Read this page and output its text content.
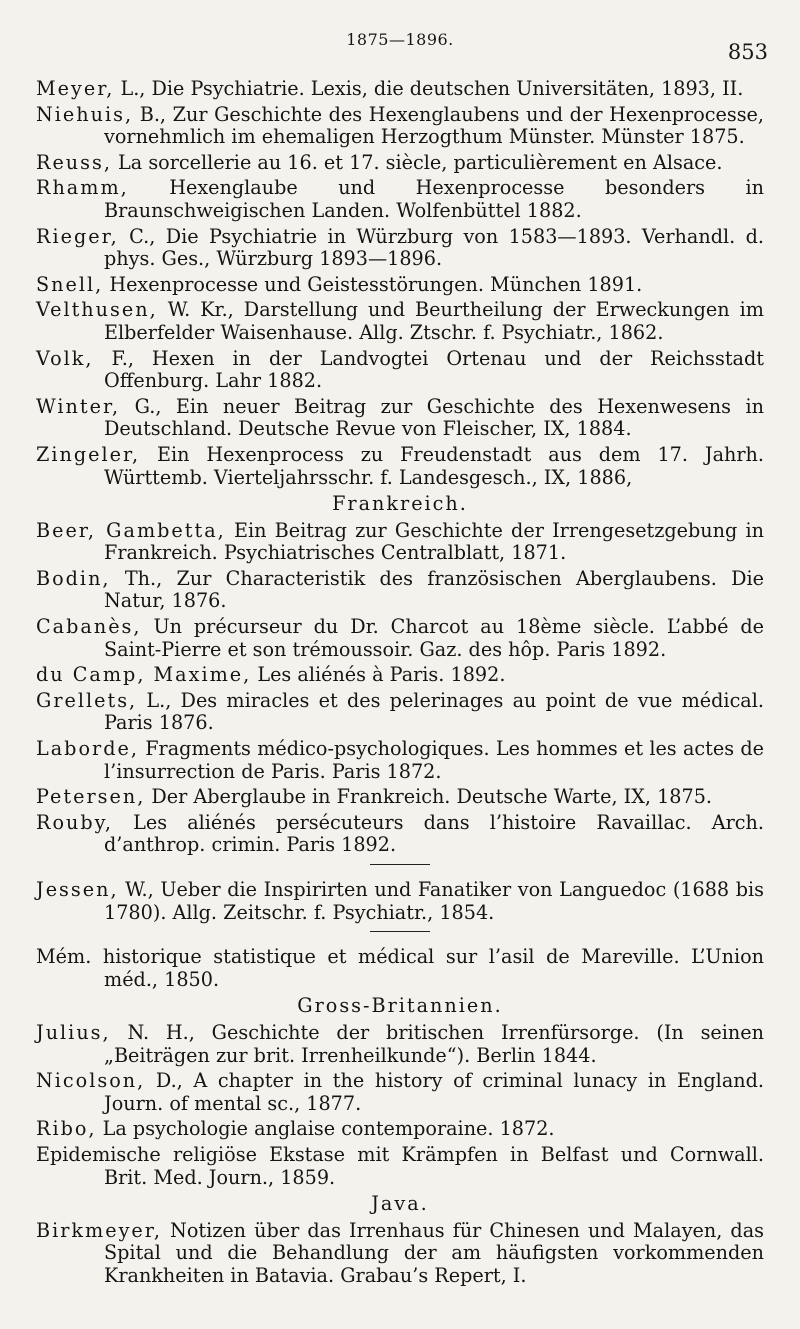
1875—1896.
853

Meyer, L., Die Psychiatrie. Lexis, die deutschen Universitäten, 1893, II.

Niehuis, B., Zur Geschichte des Hexenglaubens und der Hexenprocesse, vornehmlich im ehemaligen Herzogthum Münster. Münster 1875.

Reuss, La sorcellerie au 16. et 17. siècle, particulièrement en Alsace.

Rhamm, Hexenglaube und Hexenprocesse besonders in Braunschweigischen Landen. Wolfenbüttel 1882.

Rieger, C., Die Psychiatrie in Würzburg von 1583—1893. Verhandl. d. phys. Ges., Würzburg 1893—1896.

Snell, Hexenprocesse und Geistesstörungen. München 1891.

Velthusen, W. Kr., Darstellung und Beurtheilung der Erweckungen im Elberfelder Waisenhause. Allg. Ztschr. f. Psychiatr., 1862.

Volk, F., Hexen in der Landvogtei Ortenau und der Reichsstadt Offenburg. Lahr 1882.

Winter, G., Ein neuer Beitrag zur Geschichte des Hexenwesens in Deutschland. Deutsche Revue von Fleischer, IX, 1884.

Zingeler, Ein Hexenprocess zu Freudenstadt aus dem 17. Jahrh. Württemb. Vierteljahrsschr. f. Landesgesch., IX, 1886,

Frankreich.

Beer, Gambetta, Ein Beitrag zur Geschichte der Irrengesetzgebung in Frankreich. Psychiatrisches Centralblatt, 1871.

Bodin, Th., Zur Characteristik des französischen Aberglaubens. Die Natur, 1876.

Cabanès, Un précurseur du Dr. Charcot au 18ème siècle. L’abbé de Saint-Pierre et son trémoussoir. Gaz. des hôp. Paris 1892.

du Camp, Maxime, Les aliénés à Paris. 1892.

Grellets, L., Des miracles et des pelerinages au point de vue médical. Paris 1876.

Laborde, Fragments médico-psychologiques. Les hommes et les actes de l’insurrection de Paris. Paris 1872.

Petersen, Der Aberglaube in Frankreich. Deutsche Warte, IX, 1875.

Rouby, Les aliénés persécuteurs dans l’histoire Ravaillac. Arch. d’anthrop. crimin. Paris 1892.

Jessen, W., Ueber die Inspirirten und Fanatiker von Languedoc (1688 bis 1780). Allg. Zeitschr. f. Psychiatr., 1854.

Mém. historique statistique et médical sur l’asil de Mareville. L’Union méd., 1850.

Gross-Britannien.

Julius, N. H., Geschichte der britischen Irrenfürsorge. (In seinen „Beiträgen zur brit. Irrenheilkunde“). Berlin 1844.

Nicolson, D., A chapter in the history of criminal lunacy in England. Journ. of mental sc., 1877.

Ribo, La psychologie anglaise contemporaine. 1872.

Epidemische religiöse Ekstase mit Krämpfen in Belfast und Cornwall. Brit. Med. Journ., 1859.

Java.

Birkmeyer, Notizen über das Irrenhaus für Chinesen und Malayen, das Spital und die Behandlung der am häufigsten vorkommenden Krankheiten in Batavia. Grabau’s Repert, I.
